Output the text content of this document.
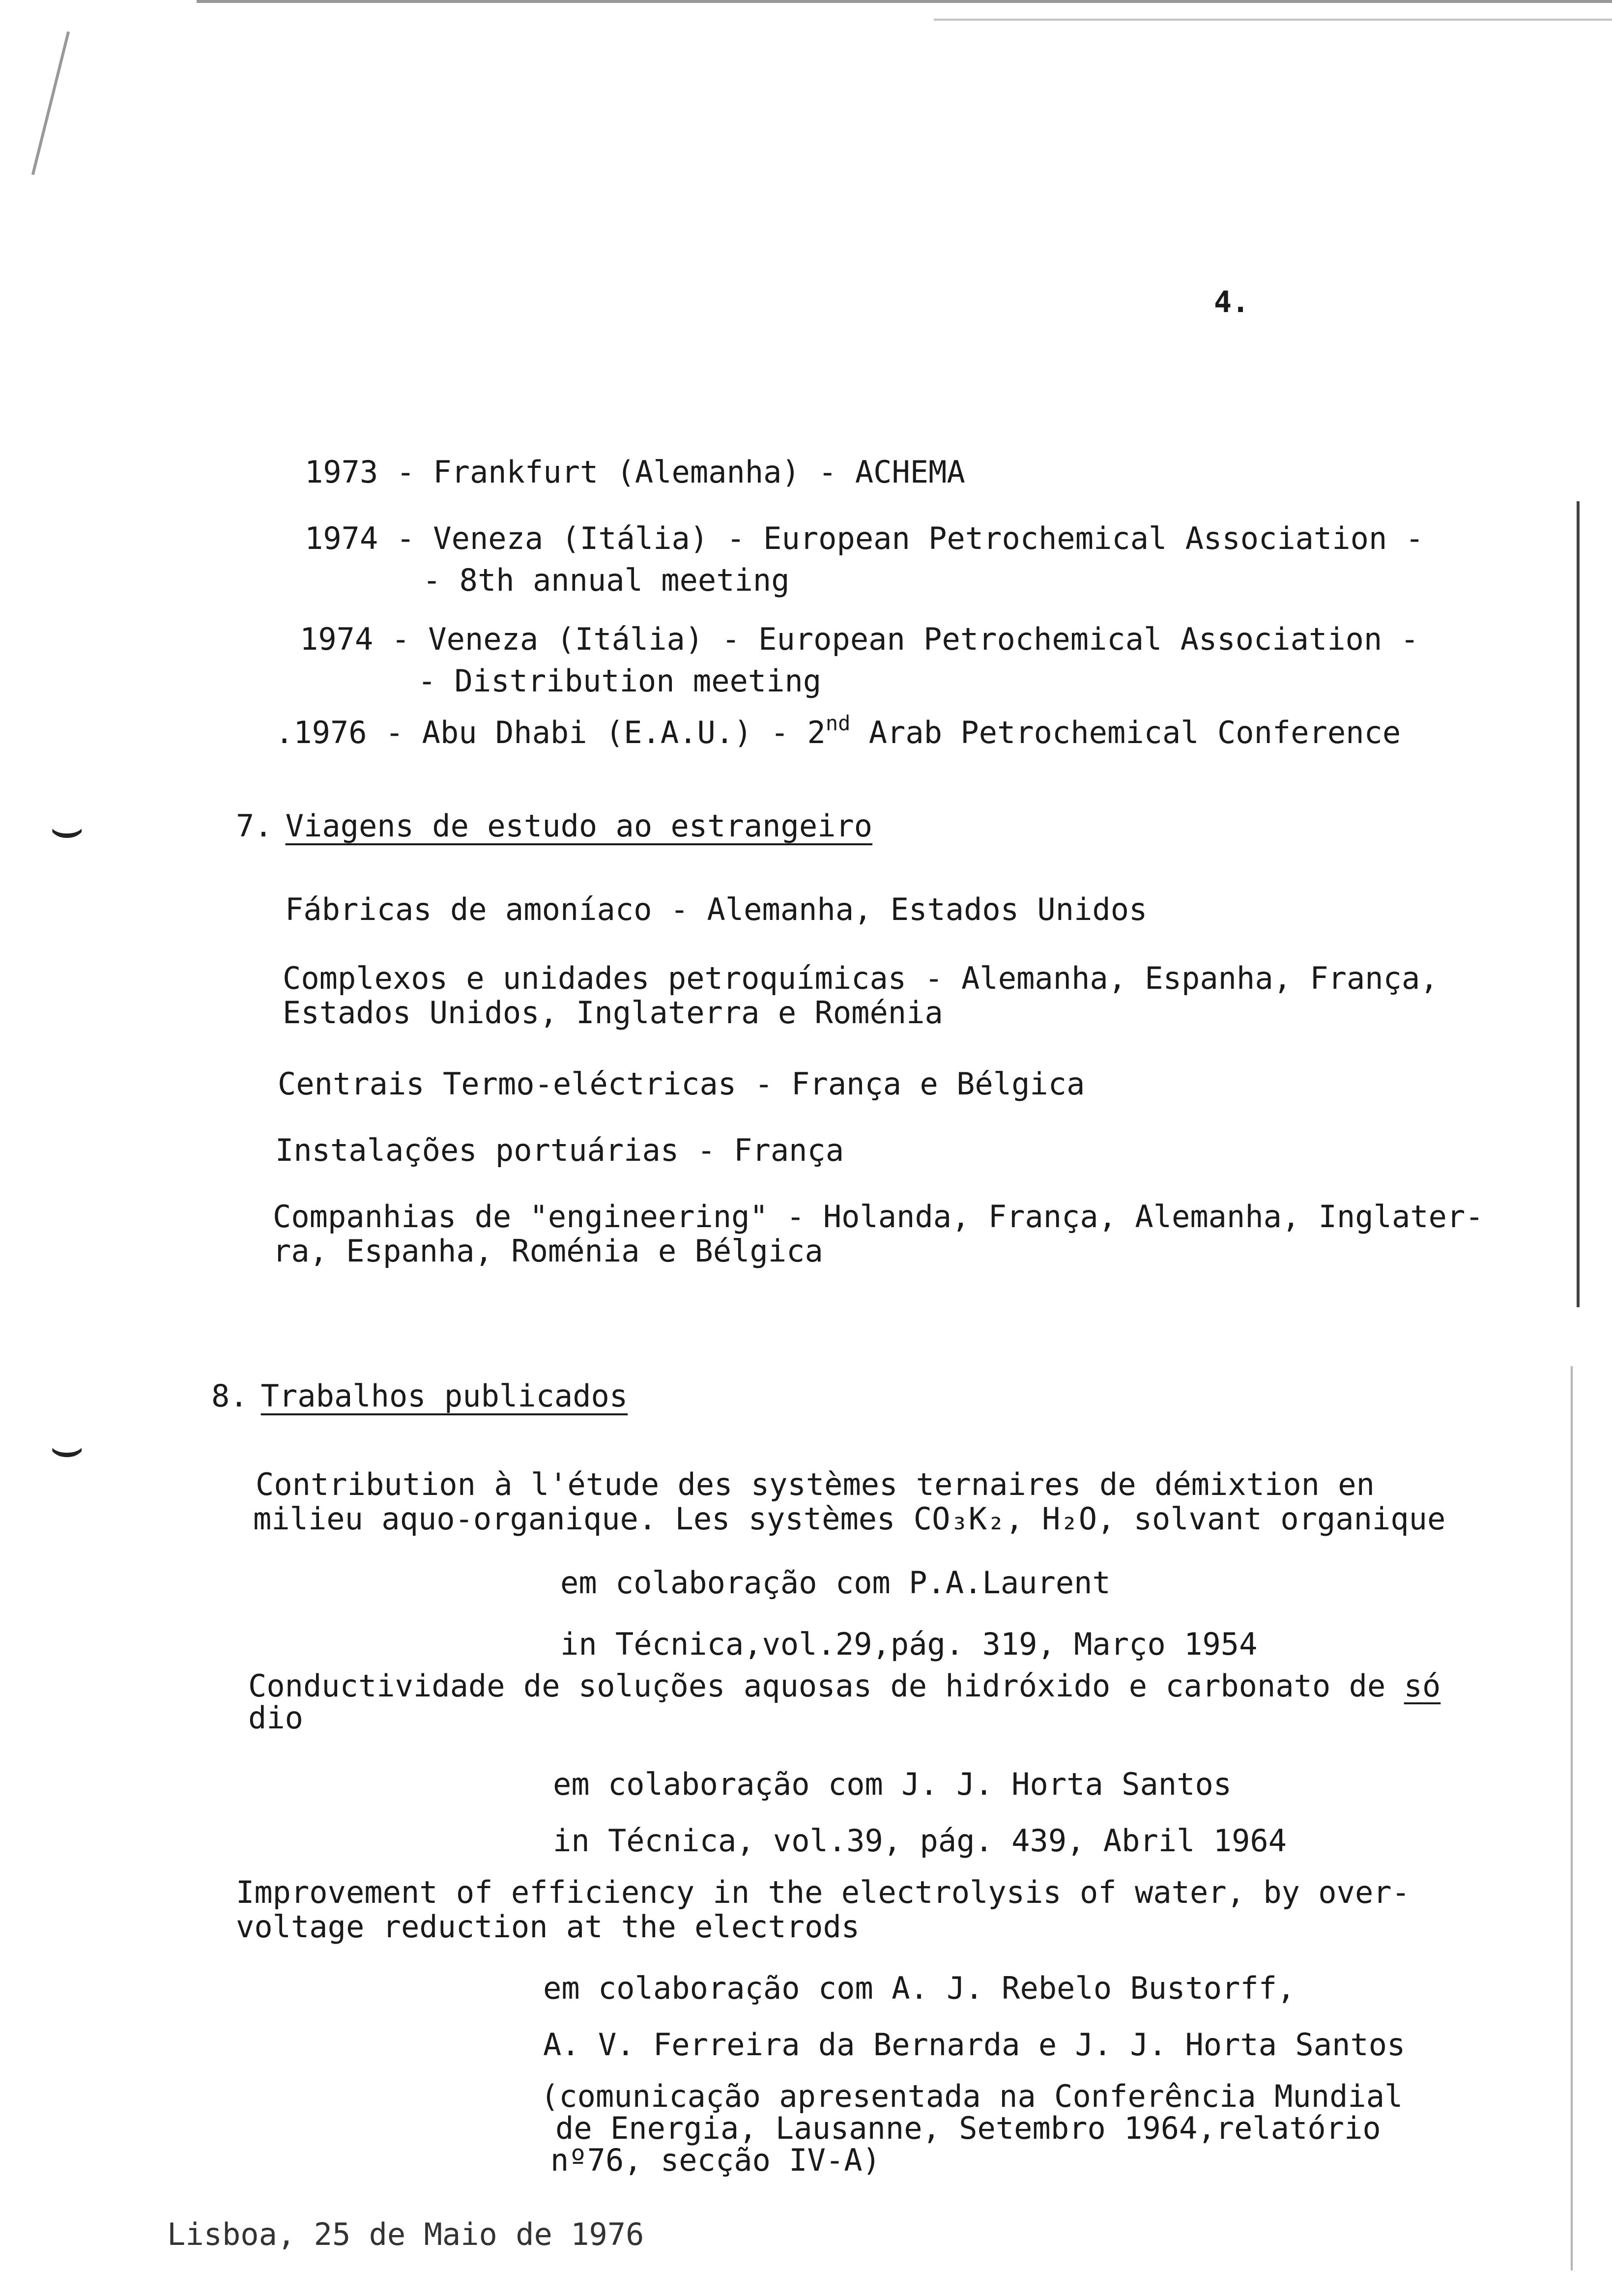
⌣
⌣
4.
1973 - Frankfurt (Alemanha) - ACHEMA
1974 - Veneza (Itália) - European Petrochemical Association -
- 8th annual meeting
1974 - Veneza (Itália) - European Petrochemical Association -
- Distribution meeting
.1976 - Abu Dhabi (E.A.U.) - 2nd Arab Petrochemical Conference
7. Viagens de estudo ao estrangeiro
Fábricas de amoníaco - Alemanha, Estados Unidos
Complexos e unidades petroquímicas - Alemanha, Espanha, França,
Estados Unidos, Inglaterra e Roménia
Centrais Termo-eléctricas - França e Bélgica
Instalações portuárias - França
Companhias de "engineering" - Holanda, França, Alemanha, Inglater-
ra, Espanha, Roménia e Bélgica
8. Trabalhos publicados
Contribution à l'étude des systèmes ternaires de démixtion en
milieu aquo-organique. Les systèmes CO₃K₂, H₂O, solvant organique
em colaboração com P.A.Laurent
in Técnica,vol.29,pág. 319, Março 1954
Conductividade de soluções aquosas de hidróxido e carbonato de só
dio
em colaboração com J. J. Horta Santos
in Técnica, vol.39, pág. 439, Abril 1964
Improvement of efficiency in the electrolysis of water, by over-
voltage reduction at the electrods
em colaboração com A. J. Rebelo Bustorff,
A. V. Ferreira da Bernarda e J. J. Horta Santos
(comunicação apresentada na Conferência Mundial
de Energia, Lausanne, Setembro 1964,relatório
nº76, secção IV-A)
Lisboa, 25 de Maio de 1976
